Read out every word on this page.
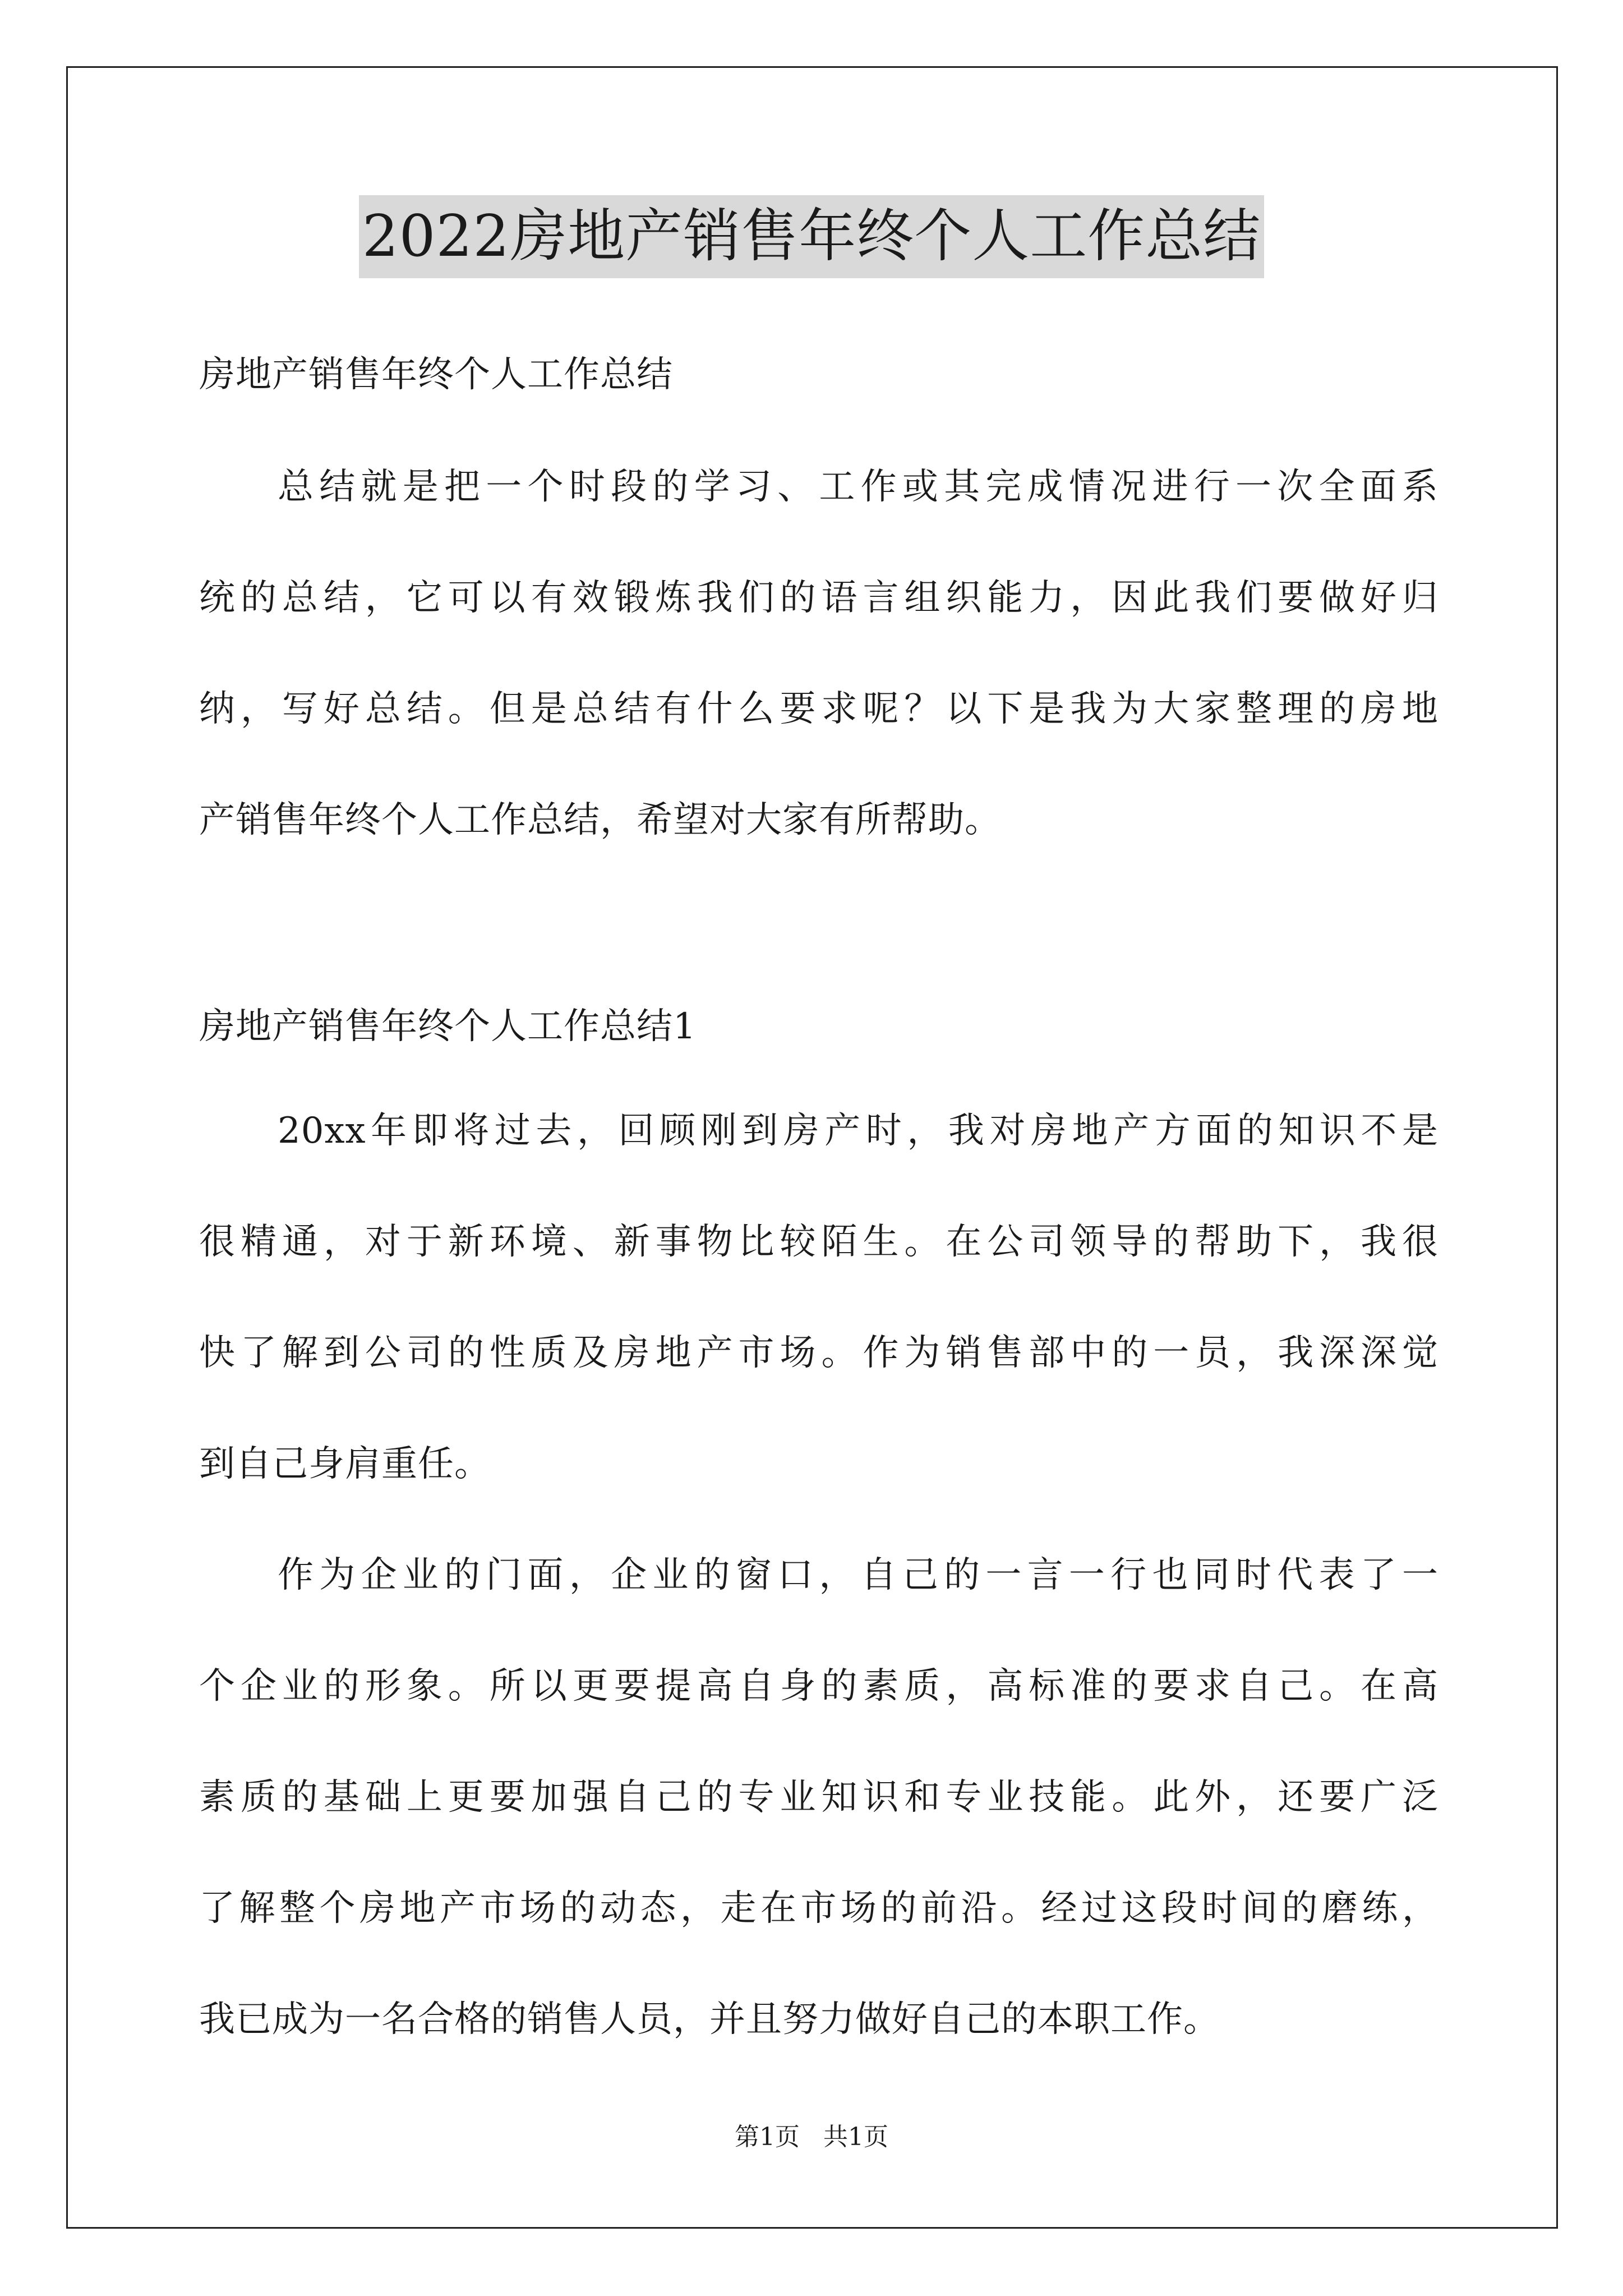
2022房地产销售年终个人工作总结
房地产销售年终个人工作总结
总结就是把一个时段的学习、工作或其完成情况进行一次全面系
统的总结，它可以有效锻炼我们的语言组织能力，因此我们要做好归
纳，写好总结。但是总结有什么要求呢？以下是我为大家整理的房地
产销售年终个人工作总结，希望对大家有所帮助。
房地产销售年终个人工作总结1
20xx年即将过去，回顾刚到房产时，我对房地产方面的知识不是
很精通，对于新环境、新事物比较陌生。在公司领导的帮助下，我很
快了解到公司的性质及房地产市场。作为销售部中的一员，我深深觉
到自己身肩重任。
作为企业的门面，企业的窗口，自己的一言一行也同时代表了一
个企业的形象。所以更要提高自身的素质，高标准的要求自己。在高
素质的基础上更要加强自己的专业知识和专业技能。此外，还要广泛
了解整个房地产市场的动态，走在市场的前沿。经过这段时间的磨练，
我已成为一名合格的销售人员，并且努力做好自己的本职工作。
第1页   共1页
